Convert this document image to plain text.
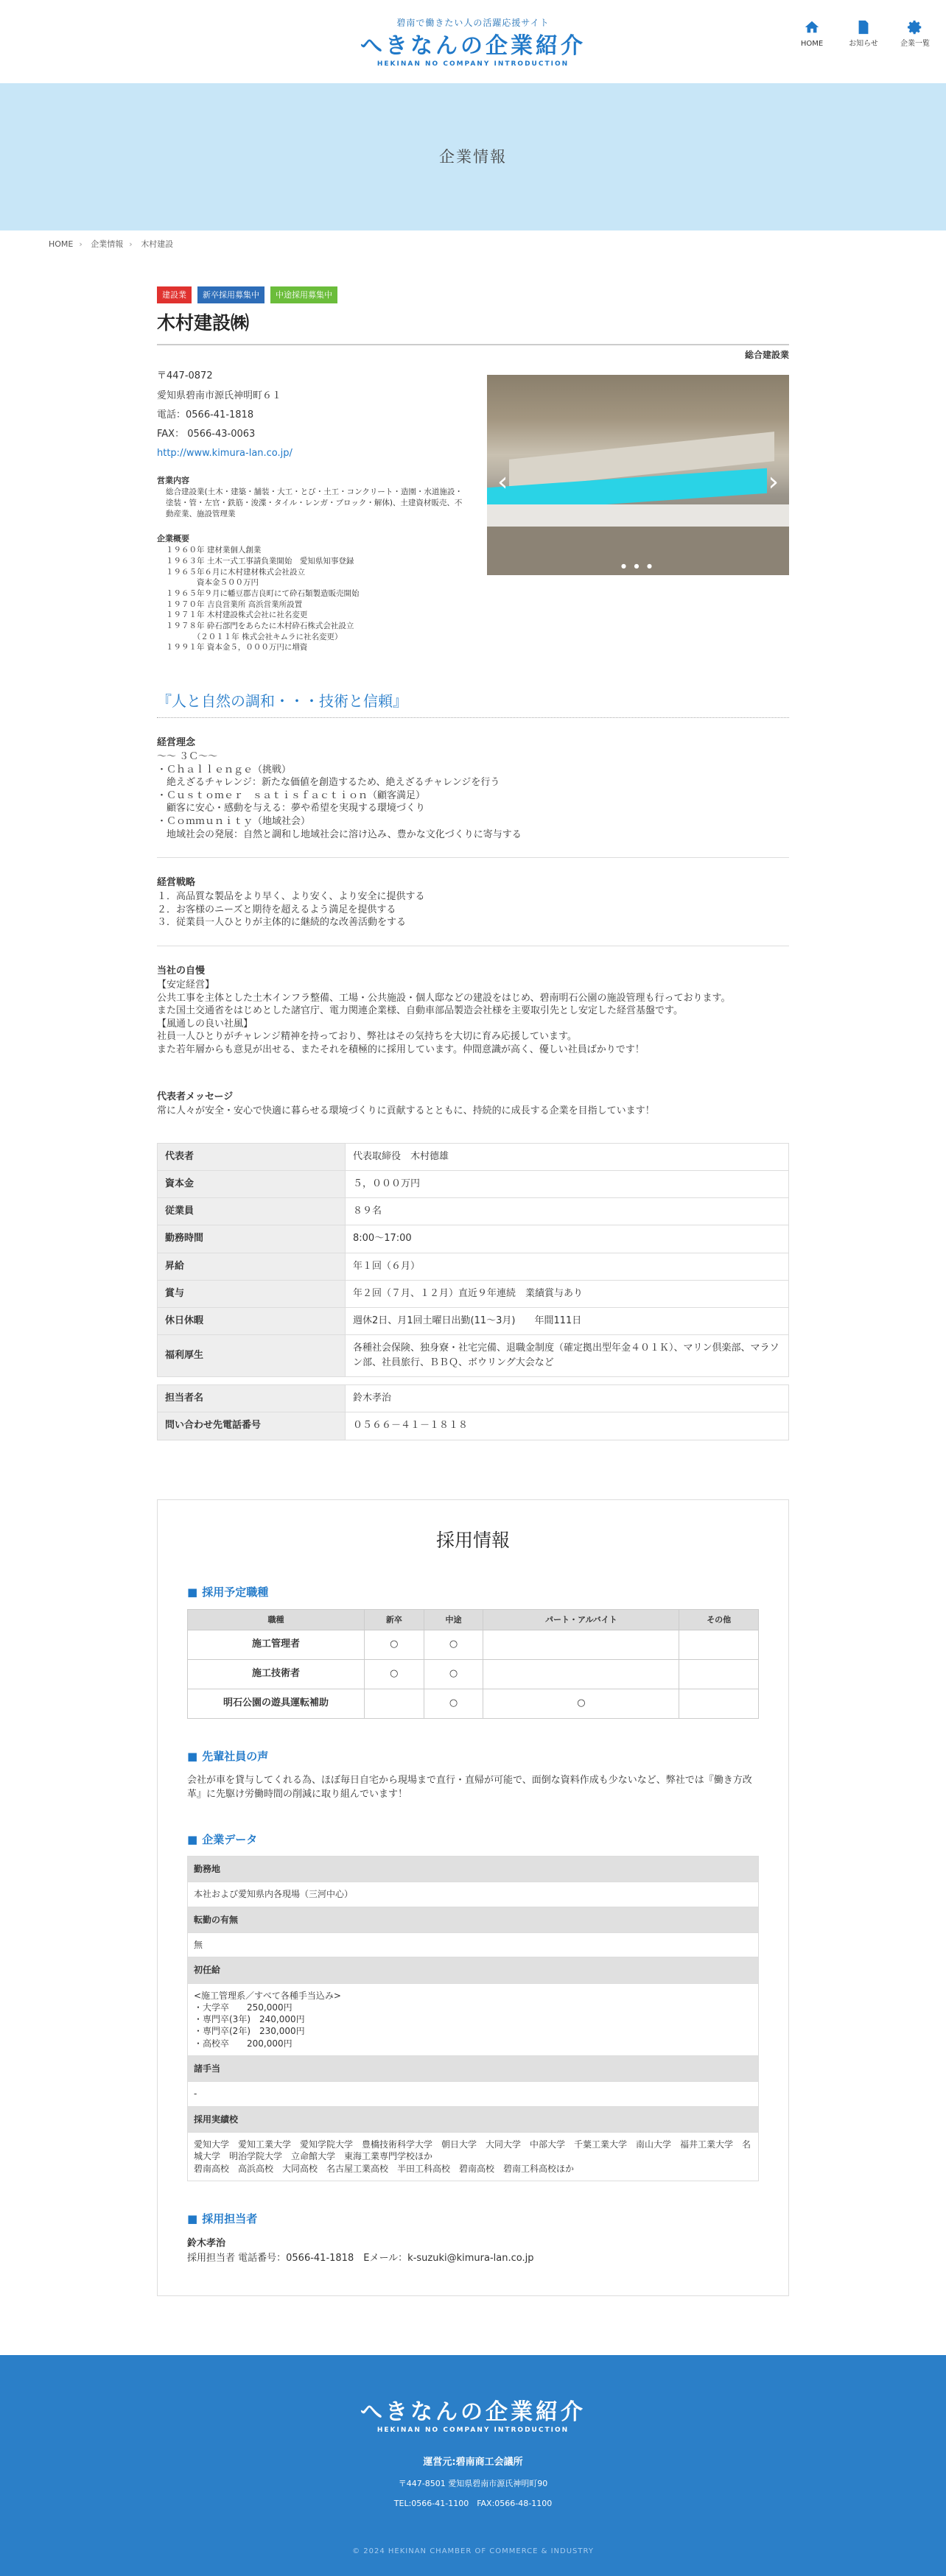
碧南で働きたい人の活躍応援サイト
へきなんの企業紹介
HEKINAN NO COMPANY INTRODUCTION
HOME	お知らせ	企業一覧
企業情報
HOME › 企業情報 › 木村建設
建設業	新卒採用募集中	中途採用募集中
木村建設㈱
総合建設業

〒447-0872

愛知県碧南市源氏神明町６１

電話：0566-41-1818

FAX： 0566-43-0063

http://www.kimura-lan.co.jp/

営業内容
総合建設業(土木・建築・舗装・大工・とび・土工・コンクリート・造園・水道施設・塗装・管・左官・鉄筋・浚渫・タイル・レンガ・ブロック・解体)、土建資材販売、不動産業、施設管理業
企業概要
１９６０年 建材業個人創業
１９６３年 土木一式工事請負業開始　愛知県知事登録
１９６５年６月に木村建材株式会社設立
　　　　資本金５００万円
１９６５年９月に幡豆郡吉良町にて砕石類製造販売開始
１９７０年 吉良営業所 高浜営業所設置
１９７１年 木村建設株式会社に社名変更
１９７８年 砕石部門をあらたに木村砕石株式会社設立
　　　　（２０１１年 株式会社キムラに社名変更）
１９９１年 資本金５，０００万円に増資
‹	›
● ● ●
『人と自然の調和・・・技術と信頼』
経営理念
〜〜 ３Ｃ〜〜
・Ｃｈａｌｌｅｎｇｅ（挑戦）
　絶えざるチャレンジ：新たな価値を創造するため、絶えざるチャレンジを行う
・Ｃｕｓｔｏｍｅｒ　ｓａｔｉｓｆａｃｔｉｏｎ（顧客満足）
　顧客に安心・感動を与える：夢や希望を実現する環境づくり
・Ｃｏｍｍｕｎｉｔｙ（地域社会）
　地域社会の発展：自然と調和し地域社会に溶け込み、豊かな文化づくりに寄与する
経営戦略
１．高品質な製品をより早く、より安く、より安全に提供する
２．お客様のニーズと期待を超えるよう満足を提供する
３．従業員一人ひとりが主体的に継続的な改善活動をする
当社の自慢
【安定経営】
公共工事を主体とした土木インフラ整備、工場・公共施設・個人邸などの建設をはじめ、碧南明石公園の施設管理も行っております。
また国土交通省をはじめとした諸官庁、電力関連企業様、自動車部品製造会社様を主要取引先とし安定した経営基盤です。
【風通しの良い社風】
社員一人ひとりがチャレンジ精神を持っており、弊社はその気持ちを大切に育み応援しています。
また若年層からも意見が出せる、またそれを積極的に採用しています。仲間意識が高く、優しい社員ばかりです！
代表者メッセージ
常に人々が安全・安心で快適に暮らせる環境づくりに貢献するとともに、持続的に成長する企業を目指しています！
代表者	代表取締役　木村德雄
資本金	５，０００万円
従業員	８９名
勤務時間	8:00〜17:00
昇給	年１回（６月）
賞与	年２回（７月、１２月）直近９年連続　業績賞与あり
休日休暇	週休2日、月1回土曜日出勤(11〜3月)　　年間111日
福利厚生	各種社会保険、独身寮・社宅完備、退職金制度（確定拠出型年金４０１Ｋ）、マリン倶楽部、マラソン部、社員旅行、ＢＢＱ、ボウリング大会など

担当者名	鈴木孝治
問い合わせ先電話番号	０５６６－４１－１８１８
採用情報
■ 採用予定職種
職種	新卒	中途	パート・アルバイト	その他
施工管理者	○	○		
施工技術者	○	○		
明石公園の遊具運転補助		○	○	
■ 先輩社員の声
会社が車を貸与してくれる為、ほぼ毎日自宅から現場まで直行・直帰が可能で、面倒な資料作成も少ないなど、弊社では『働き方改革』に先駆け労働時間の削減に取り組んでいます！
■ 企業データ
勤務地
本社および愛知県内各現場（三河中心）
転勤の有無
無
初任給
<施工管理系／すべて各種手当込み>
・大学卒　　250,000円
・専門卒(3年)　240,000円
・専門卒(2年)　230,000円
・高校卒　　200,000円
諸手当
-
採用実績校
愛知大学　愛知工業大学　愛知学院大学　豊橋技術科学大学　朝日大学　大同大学　中部大学　千葉工業大学　南山大学　福井工業大学　名城大学　明治学院大学　立命館大学　東海工業専門学校ほか
碧南高校　高浜高校　大同高校　名古屋工業高校　半田工科高校　碧南高校　碧南工科高校ほか
■ 採用担当者
鈴木孝治
採用担当者 電話番号：0566-41-1818　Eメール：k-suzuki@kimura-lan.co.jp
へきなんの企業紹介
HEKINAN NO COMPANY INTRODUCTION
運営元:碧南商工会議所
〒447-8501 愛知県碧南市源氏神明町90
TEL:0566-41-1100　FAX:0566-48-1100
© 2024 HEKINAN CHAMBER OF COMMERCE & INDUSTRY
